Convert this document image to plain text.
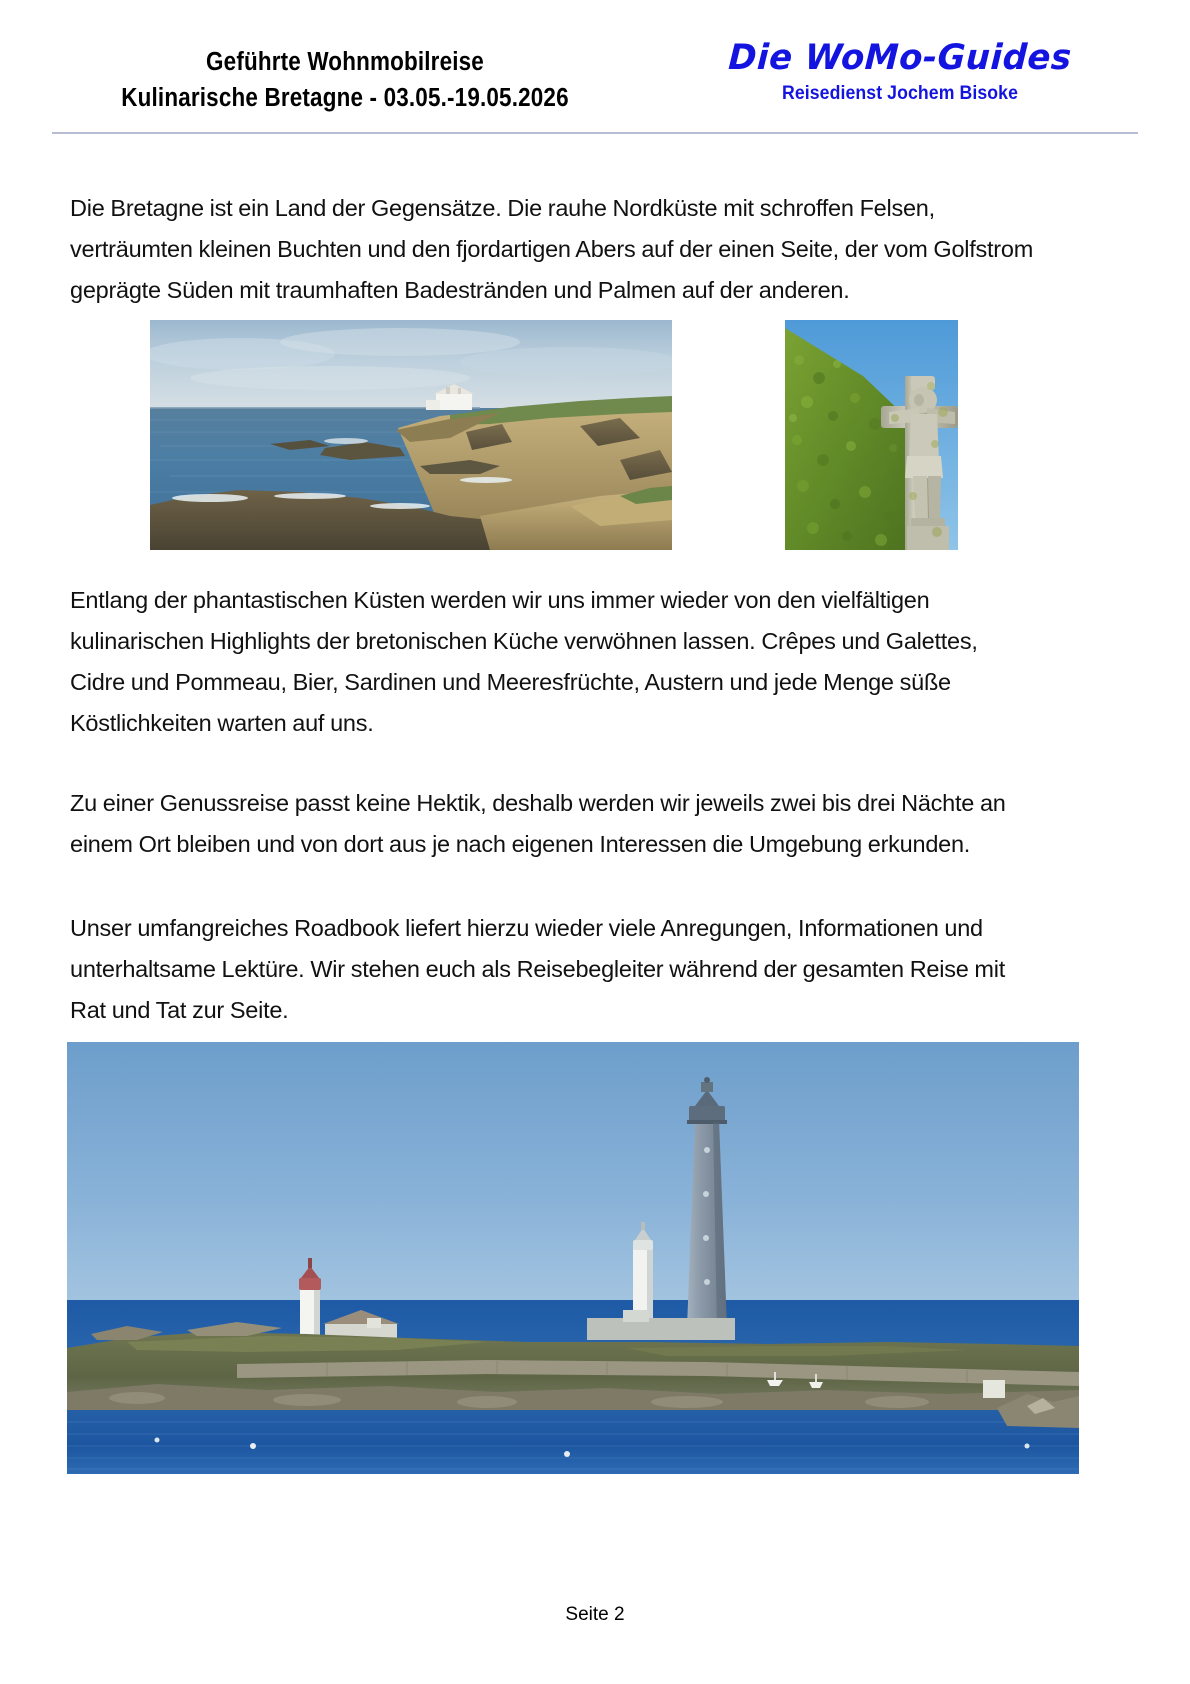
Geführte Wohnmobilreise
Kulinarische Bretagne - 03.05.-19.05.2026
Die WoMo-Guides
Reisedienst Jochem Bisoke

Die Bretagne ist ein Land der Gegensätze. Die rauhe Nordküste mit schroffen Felsen, verträumten kleinen Buchten und den fjordartigen Abers auf der einen Seite, der vom Golfstrom geprägte Süden mit traumhaften Badestränden und Palmen auf der anderen.

Entlang der phantastischen Küsten werden wir uns immer wieder von den vielfältigen kulinarischen Highlights der bretonischen Küche verwöhnen lassen. Crêpes und Galettes, Cidre und Pommeau, Bier, Sardinen und Meeresfrüchte, Austern und jede Menge süße Köstlichkeiten warten auf uns.

Zu einer Genussreise passt keine Hektik, deshalb werden wir jeweils zwei bis drei Nächte an einem Ort bleiben und von dort aus je nach eigenen Interessen die Umgebung erkunden.

Unser umfangreiches Roadbook liefert hierzu wieder viele Anregungen, Informationen und unterhaltsame Lektüre. Wir stehen euch als Reisebegleiter während der gesamten Reise mit Rat und Tat zur Seite.

Seite 2
